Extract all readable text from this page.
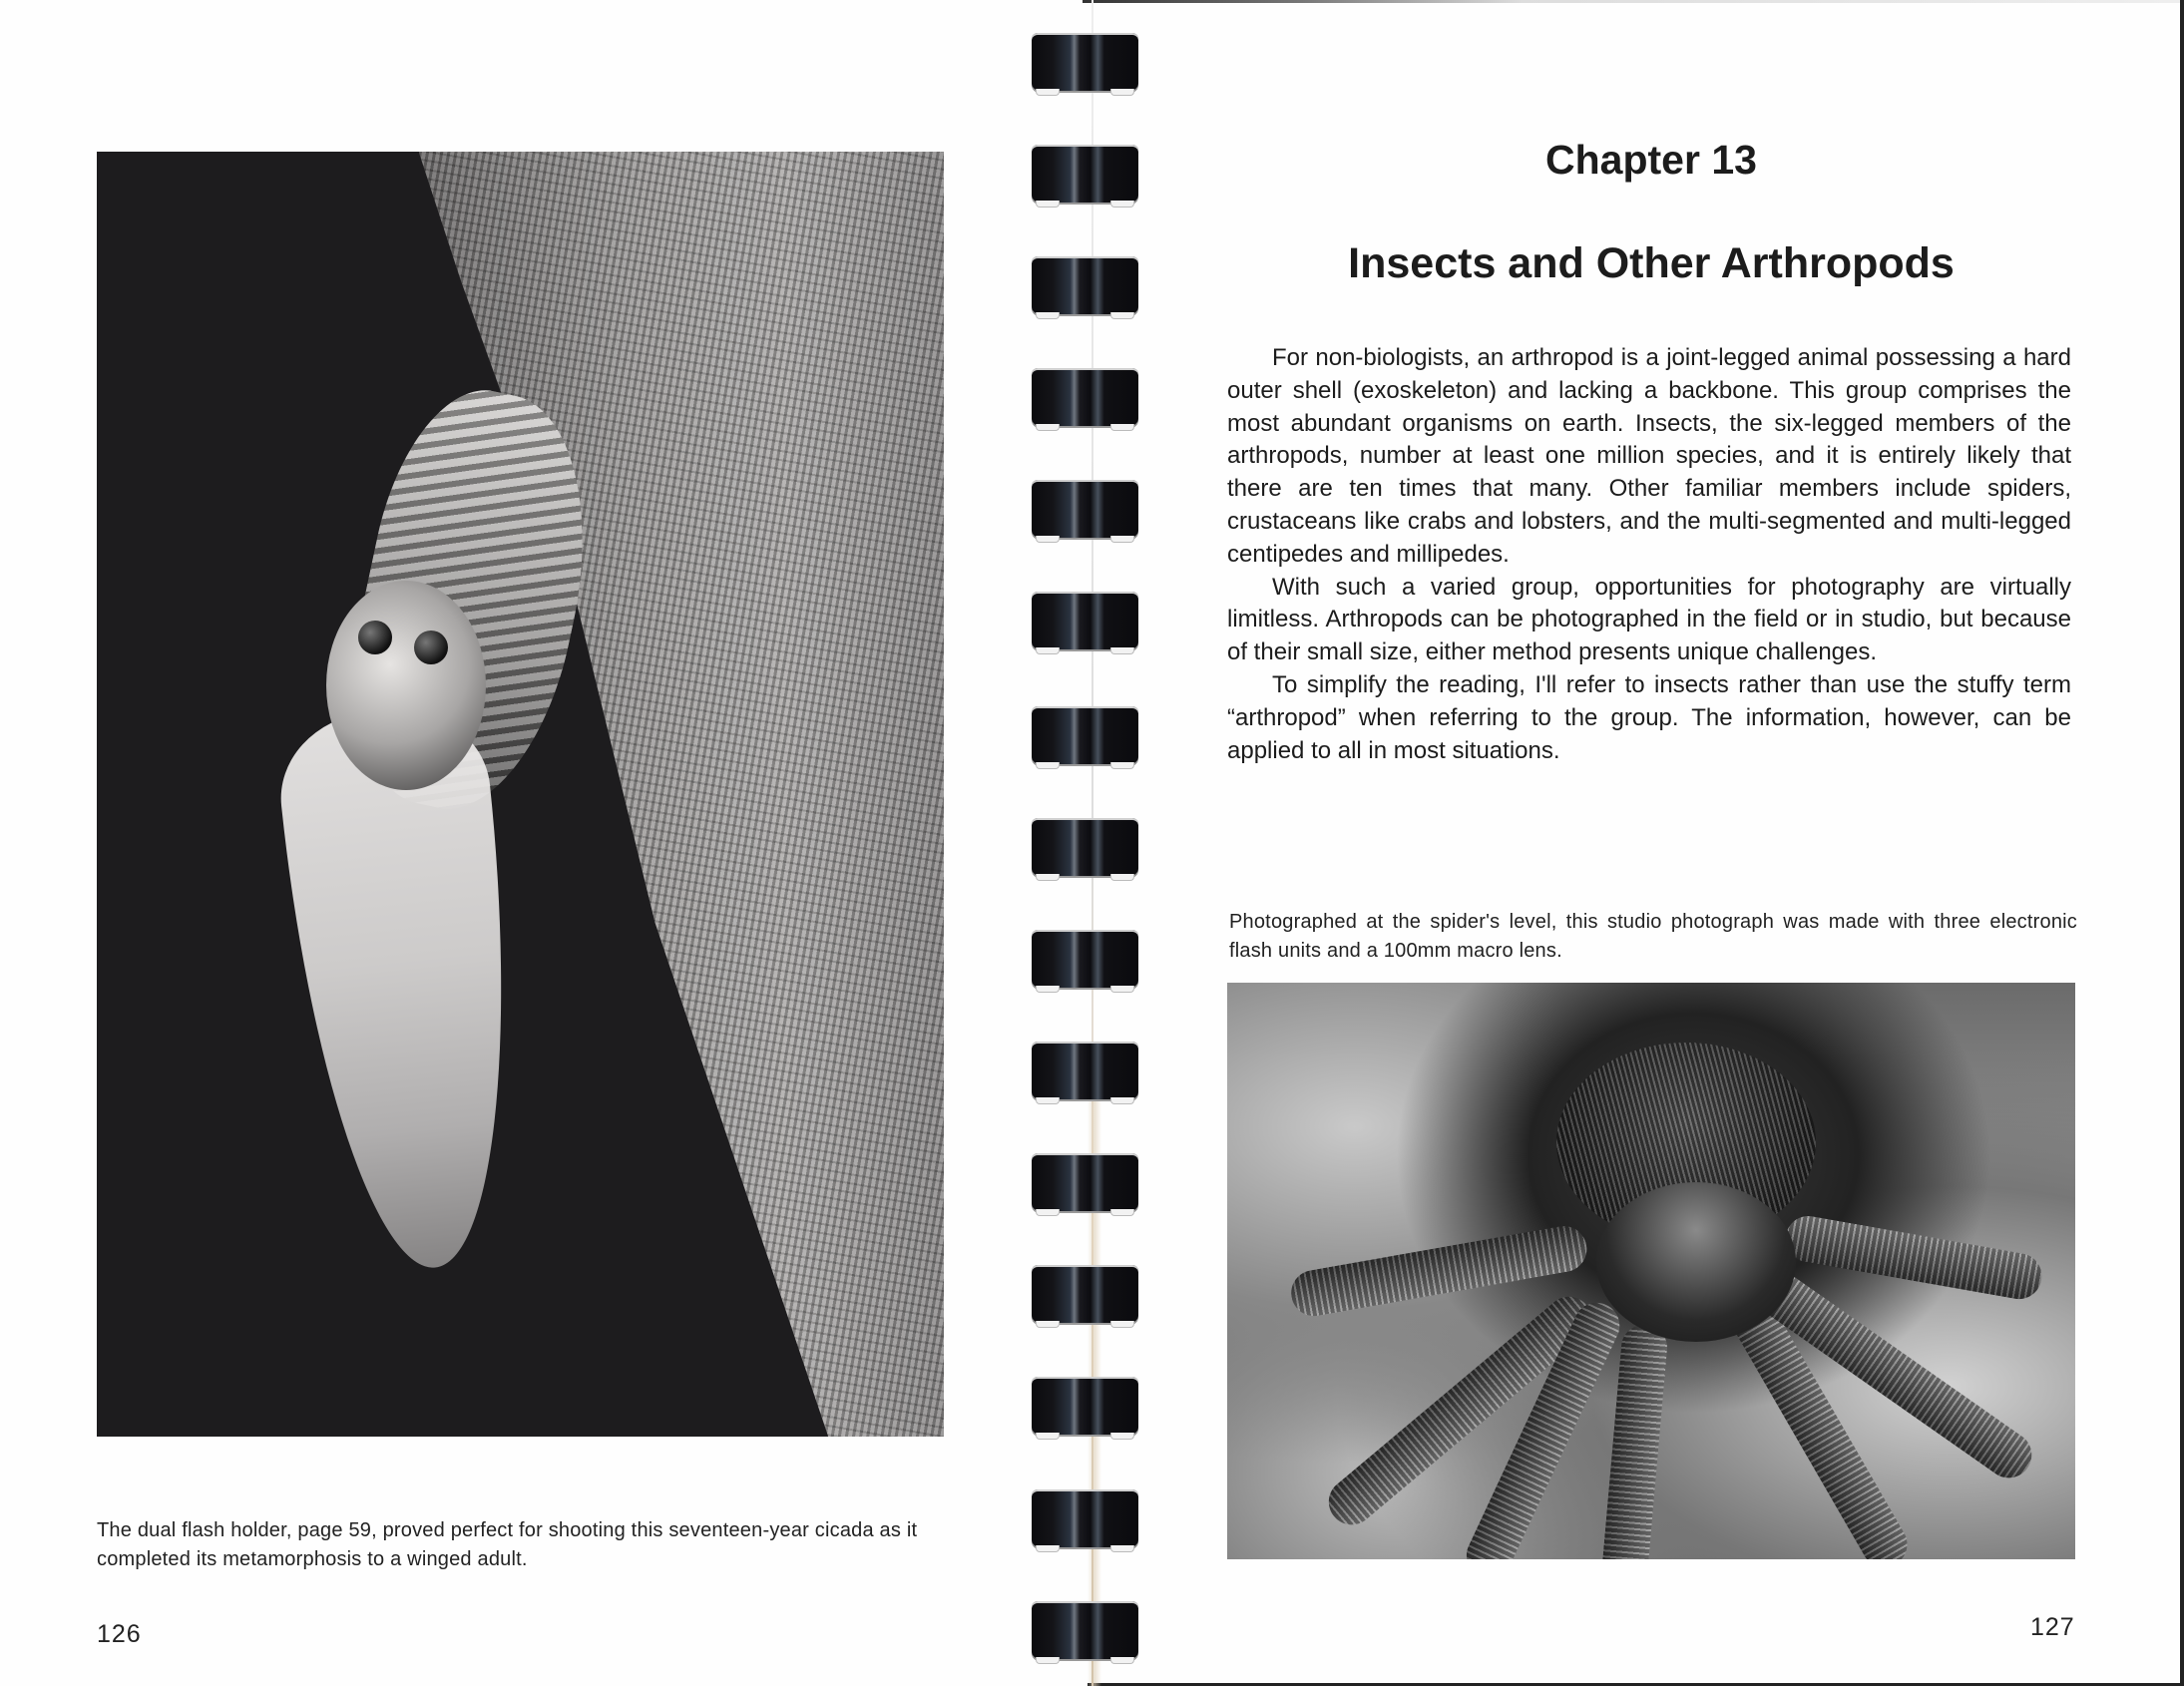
The dual flash holder, page 59, proved perfect for shooting this seventeen-year cicada as it completed its metamorphosis to a winged adult.
126
Chapter 13
Insects and Other Arthropods

For non-biologists, an arthropod is a joint-legged animal possessing a hard outer shell (exoskeleton) and lacking a backbone. This group comprises the most abundant organisms on earth. Insects, the six-legged members of the arthropods, number at least one million species, and it is entirely likely that there are ten times that many. Other familiar members include spiders, crustaceans like crabs and lobsters, and the multi-segmented and multi-legged centipedes and millipedes.

With such a varied group, opportunities for photography are virtually limitless. Arthropods can be photographed in the field or in studio, but because of their small size, either method presents unique challenges.

To simplify the reading, I'll refer to insects rather than use the stuffy term “arthropod” when referring to the group. The information, however, can be applied to all in most situations.

Photographed at the spider's level, this studio photograph was made with three electronic flash units and a 100mm macro lens.
127
